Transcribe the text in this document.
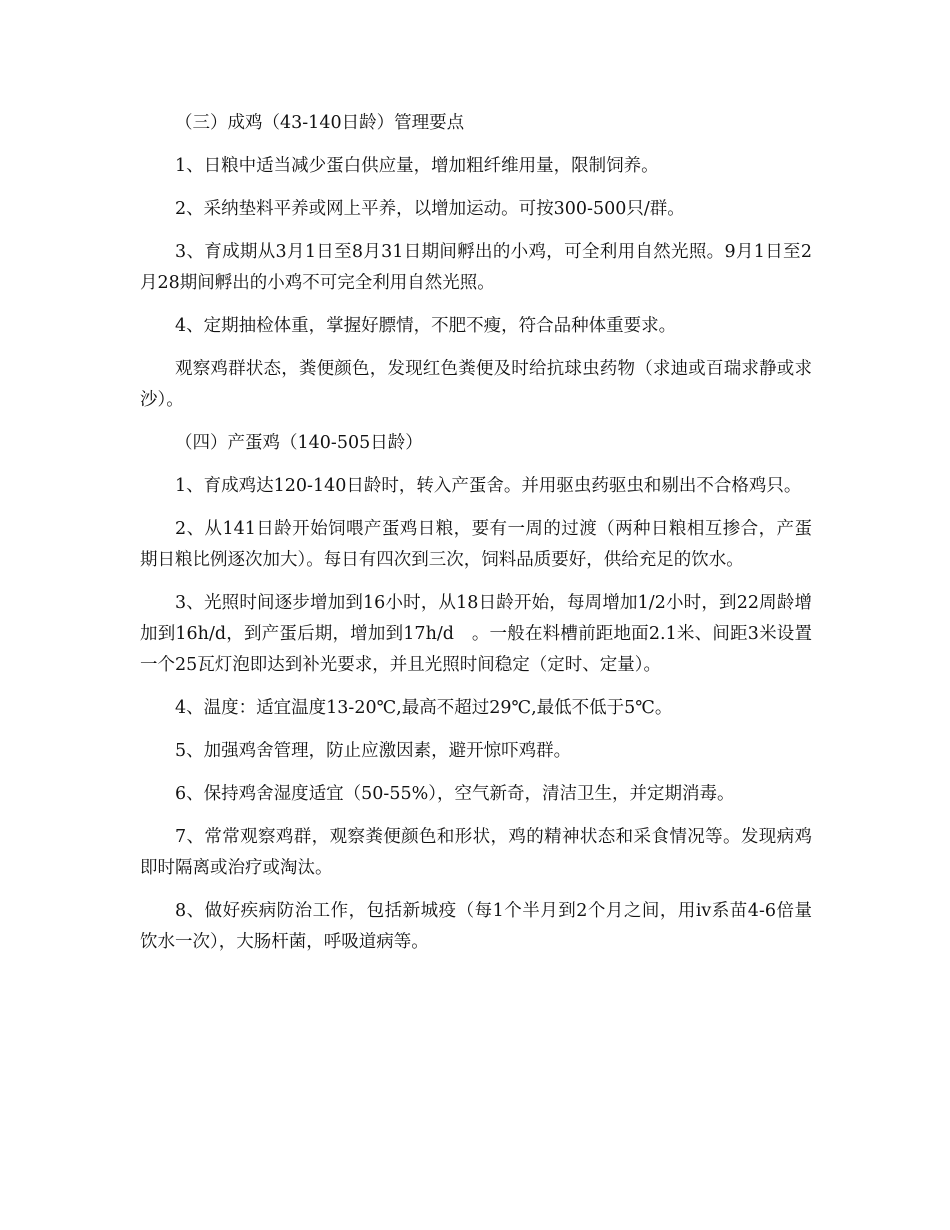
（三）成鸡（43-140日龄）管理要点

1、日粮中适当减少蛋白供应量，增加粗纤维用量，限制饲养。

2、采纳垫料平养或网上平养，以增加运动。可按300-500只/群。

3、育成期从3月1日至8月31日期间孵出的小鸡，可全利用自然光照。9月1日至2月28期间孵出的小鸡不可完全利用自然光照。

4、定期抽检体重，掌握好膘情，不肥不瘦，符合品种体重要求。

观察鸡群状态，粪便颜色，发现红色粪便及时给抗球虫药物（求迪或百瑞求静或求沙）。

（四）产蛋鸡（140-505日龄）

1、育成鸡达120-140日龄时，转入产蛋舍。并用驱虫药驱虫和剔出不合格鸡只。

2、从141日龄开始饲喂产蛋鸡日粮，要有一周的过渡（两种日粮相互掺合，产蛋期日粮比例逐次加大）。每日有四次到三次，饲料品质要好，供给充足的饮水。

3、光照时间逐步增加到16小时，从18日龄开始，每周增加1/2小时，到22周龄增加到16h/d，到产蛋后期，增加到17h/d　。一般在料槽前距地面2.1米、间距3米设置一个25瓦灯泡即达到补光要求，并且光照时间稳定（定时、定量）。

4、温度：适宜温度13-20℃,最高不超过29℃,最低不低于5℃。

5、加强鸡舍管理，防止应激因素，避开惊吓鸡群。

6、保持鸡舍湿度适宜（50-55%），空气新奇，清洁卫生，并定期消毒。

7、常常观察鸡群，观察粪便颜色和形状，鸡的精神状态和采食情况等。发现病鸡即时隔离或治疗或淘汰。

8、做好疾病防治工作，包括新城疫（每1个半月到2个月之间，用iv系苗4-6倍量饮水一次），大肠杆菌，呼吸道病等。
